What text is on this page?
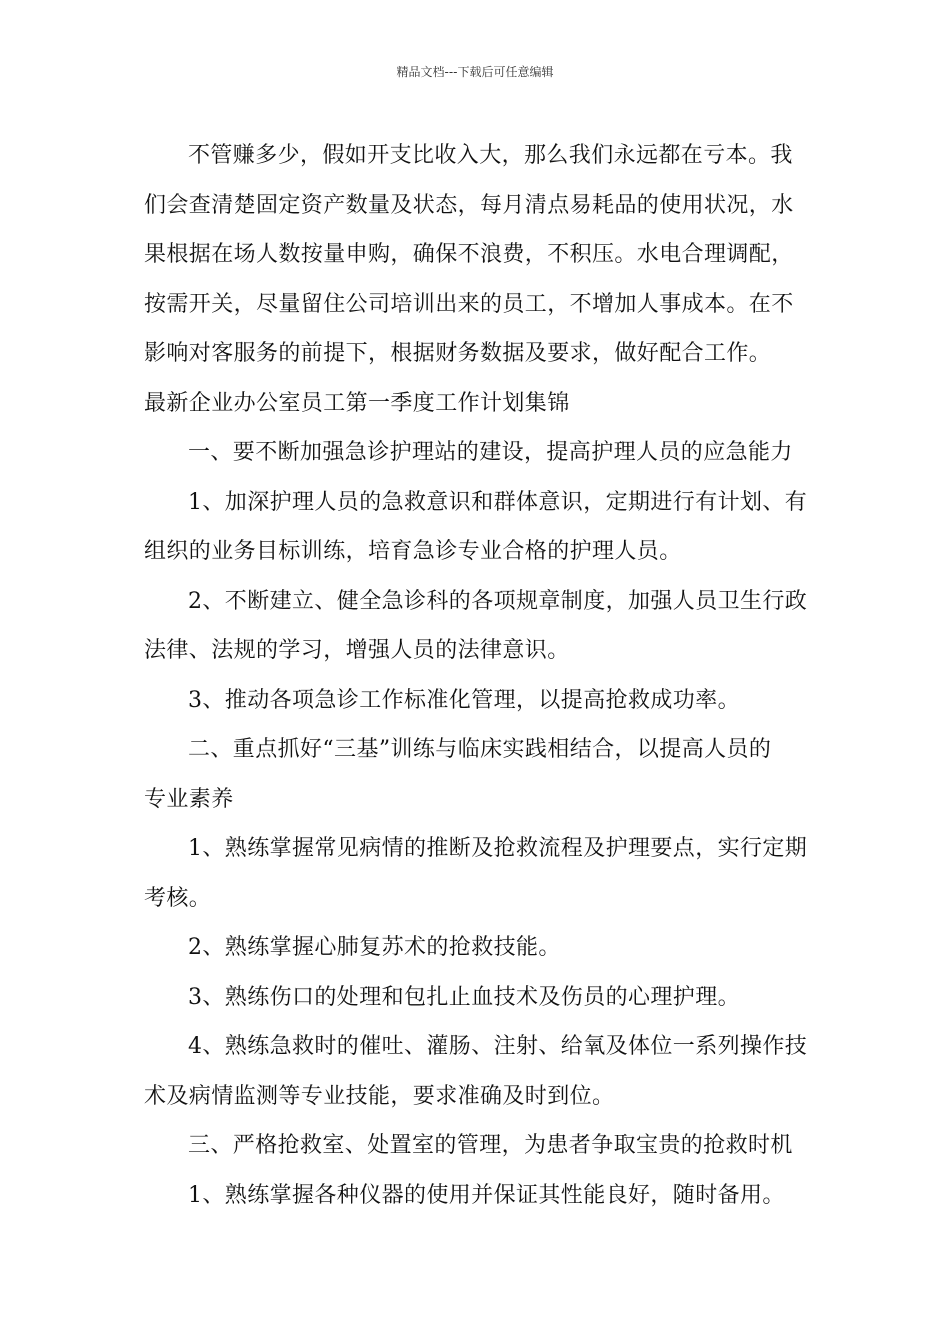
精品文档---下载后可任意编辑

不管赚多少，假如开支比收入大，那么我们永远都在亏本。我

们会查清楚固定资产数量及状态，每月清点易耗品的使用状况，水

果根据在场人数按量申购，确保不浪费，不积压。水电合理调配，

按需开关，尽量留住公司培训出来的员工，不增加人事成本。在不

影响对客服务的前提下，根据财务数据及要求，做好配合工作。

最新企业办公室员工第一季度工作计划集锦

一、要不断加强急诊护理站的建设，提高护理人员的应急能力

1、加深护理人员的急救意识和群体意识，定期进行有计划、有

组织的业务目标训练，培育急诊专业合格的护理人员。

2、不断建立、健全急诊科的各项规章制度，加强人员卫生行政

法律、法规的学习，增强人员的法律意识。

3、推动各项急诊工作标准化管理，以提高抢救成功率。

二、重点抓好“三基”训练与临床实践相结合，以提高人员的

专业素养

1、熟练掌握常见病情的推断及抢救流程及护理要点，实行定期

考核。

2、熟练掌握心肺复苏术的抢救技能。

3、熟练伤口的处理和包扎止血技术及伤员的心理护理。

4、熟练急救时的催吐、灌肠、注射、给氧及体位一系列操作技

术及病情监测等专业技能，要求准确及时到位。

三、严格抢救室、处置室的管理，为患者争取宝贵的抢救时机

1、熟练掌握各种仪器的使用并保证其性能良好，随时备用。
